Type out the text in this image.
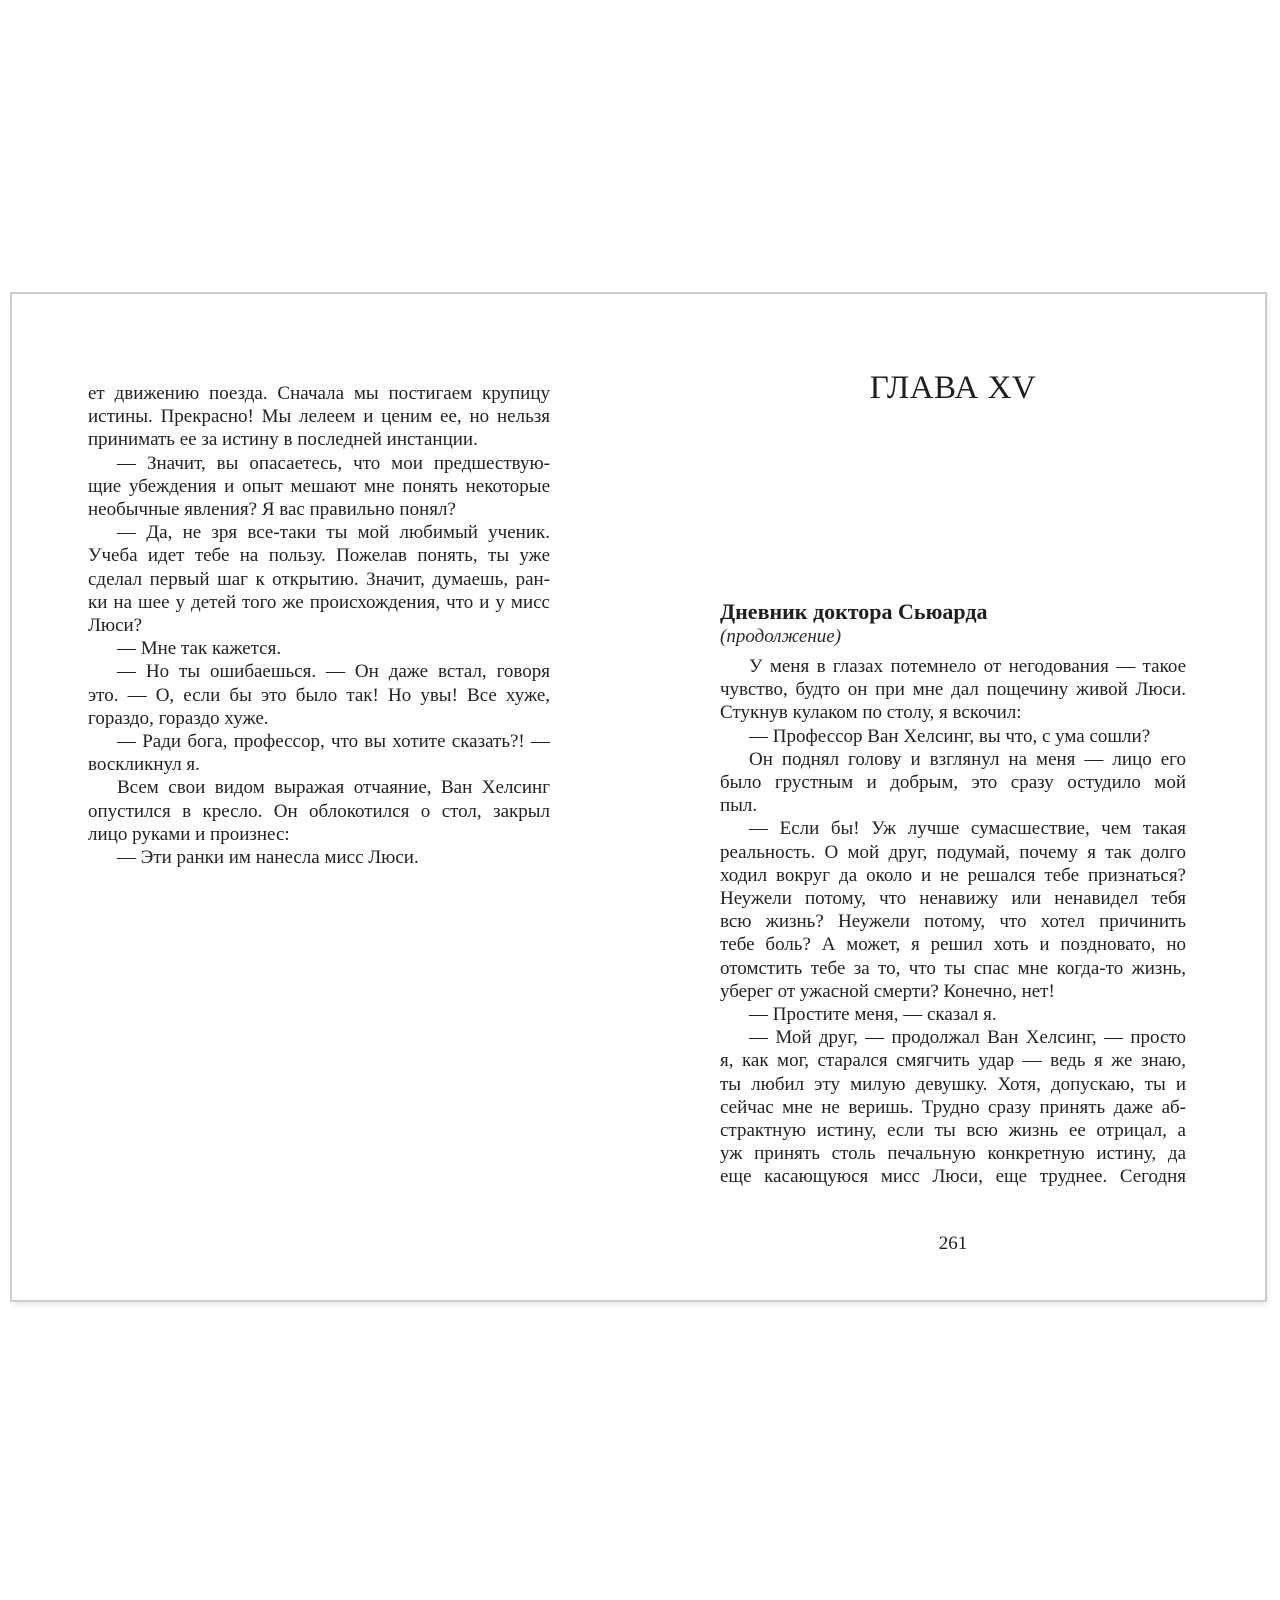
ет движению поезда. Сначала мы постигаем крупицу
истины. Прекрасно! Мы лелеем и ценим ее, но нельзя
принимать ее за истину в последней инстанции.
— Значит, вы опасаетесь, что мои предшествую-
щие убеждения и опыт мешают мне понять некоторые
необычные явления? Я вас правильно понял?
— Да, не зря все-таки ты мой любимый ученик.
Учеба идет тебе на пользу. Пожелав понять, ты уже
сделал первый шаг к открытию. Значит, думаешь, ран-
ки на шее у детей того же происхождения, что и у мисс
Люси?
— Мне так кажется.
— Но ты ошибаешься. — Он даже встал, говоря
это. — О, если бы это было так! Но увы! Все хуже,
гораздо, гораздо хуже.
— Ради бога, профессор, что вы хотите сказать?! —
воскликнул я.
Всем свои видом выражая отчаяние, Ван Хелсинг
опустился в кресло. Он облокотился о стол, закрыл
лицо руками и произнес:
— Эти ранки им нанесла мисс Люси.
ГЛАВА XV
Дневник доктора Сьюарда
(продолжение)
У меня в глазах потемнело от негодования — такое
чувство, будто он при мне дал пощечину живой Люси.
Стукнув кулаком по столу, я вскочил:
— Профессор Ван Хелсинг, вы что, с ума сошли?
Он поднял голову и взглянул на меня — лицо его
было грустным и добрым, это сразу остудило мой
пыл.
— Если бы! Уж лучше сумасшествие, чем такая
реальность. О мой друг, подумай, почему я так долго
ходил вокруг да около и не решался тебе признаться?
Неужели потому, что ненавижу или ненавидел тебя
всю жизнь? Неужели потому, что хотел причинить
тебе боль? А может, я решил хоть и поздновато, но
отомстить тебе за то, что ты спас мне когда-то жизнь,
уберег от ужасной смерти? Конечно, нет!
— Простите меня, — сказал я.
— Мой друг, — продолжал Ван Хелсинг, — просто
я, как мог, старался смягчить удар — ведь я же знаю,
ты любил эту милую девушку. Хотя, допускаю, ты и
сейчас мне не веришь. Трудно сразу принять даже аб-
страктную истину, если ты всю жизнь ее отрицал, а
уж принять столь печальную конкретную истину, да
еще касающуюся мисс Люси, еще труднее. Сегодня
261
